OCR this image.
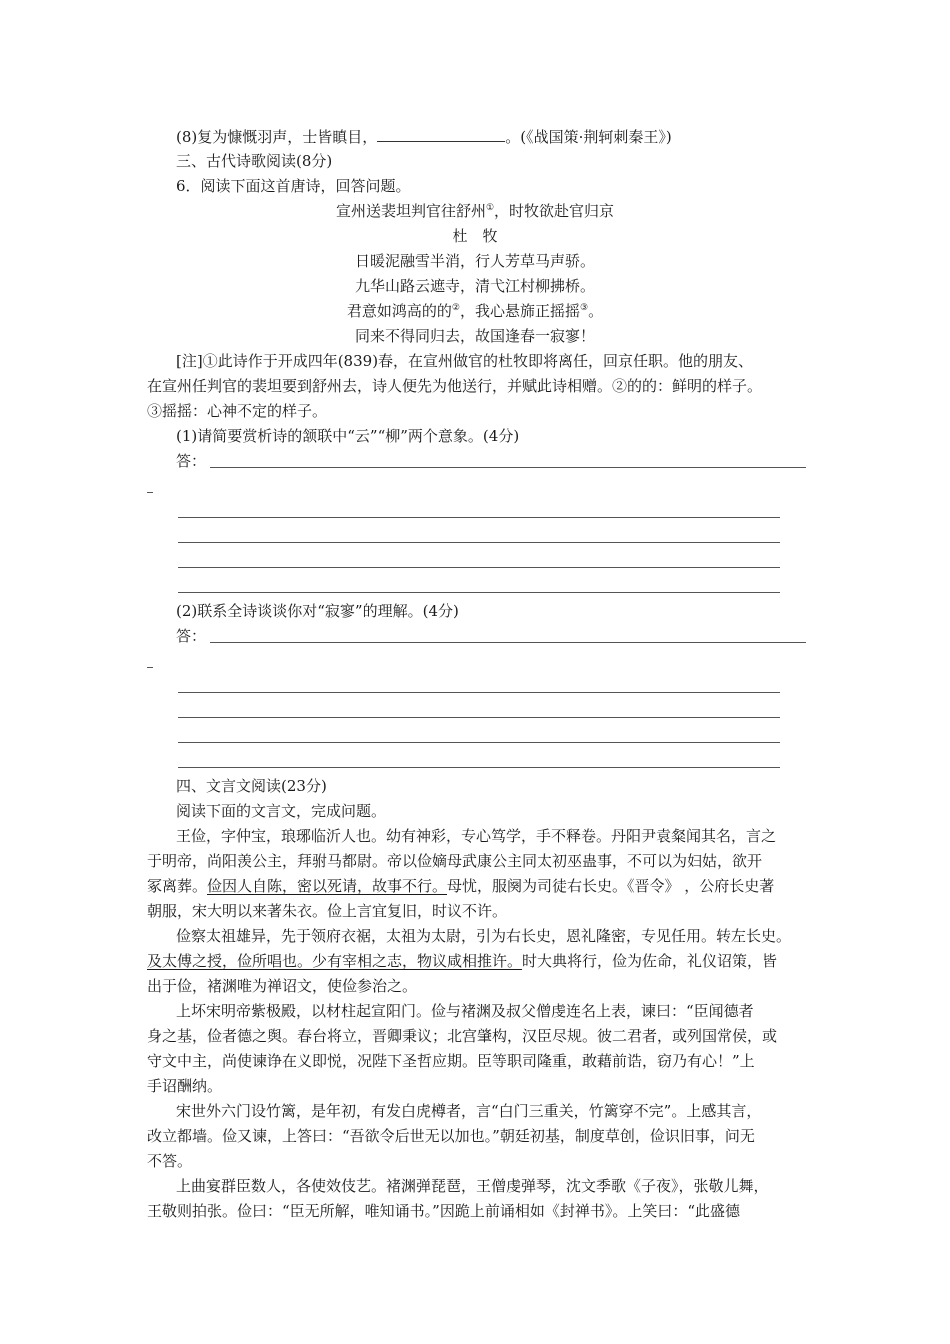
(8)复为慷慨羽声，士皆瞋目，	。(《战国策·荆轲刺秦王》)
三、古代诗歌阅读(8分)
6．阅读下面这首唐诗，回答问题。
宣州送裴坦判官往舒州①，时牧欲赴官归京
杜　牧
日暖泥融雪半消，行人芳草马声骄。
九华山路云遮寺，清弋江村柳拂桥。
君意如鸿高的的②，我心悬旆正摇摇③。
同来不得同归去，故国逢春一寂寥！
[注]①此诗作于开成四年(839)春，在宣州做官的杜牧即将离任，回京任职。他的朋友、
在宣州任判官的裴坦要到舒州去，诗人便先为他送行，并赋此诗相赠。②的的：鲜明的样子。
③摇摇：心神不定的样子。
(1)请简要赏析诗的颔联中“云”“柳”两个意象。(4分)
答：
(2)联系全诗谈谈你对“寂寥”的理解。(4分)
答：
四、文言文阅读(23分)
阅读下面的文言文，完成问题。
王俭，字仲宝，琅琊临沂人也。幼有神彩，专心笃学，手不释卷。丹阳尹袁粲闻其名，言之
于明帝，尚阳羡公主，拜驸马都尉。帝以俭嫡母武康公主同太初巫蛊事，不可以为妇姑，欲开
冢离葬。俭因人自陈，密以死请，故事不行。母忧，服阕为司徒右长史。《晋令》 ，公府长史著
朝服，宋大明以来著朱衣。俭上言宜复旧，时议不许。
俭察太祖雄异，先于领府衣裾，太祖为太尉，引为右长史，恩礼隆密，专见任用。转左长史。
及太傅之授，俭所唱也。少有宰相之志，物议咸相推许。时大典将行，俭为佐命，礼仪诏策，皆
出于俭，褚渊唯为禅诏文，使俭参治之。
上坏宋明帝紫极殿，以材柱起宣阳门。俭与褚渊及叔父僧虔连名上表，谏曰：“臣闻德者
身之基，俭者德之舆。春台将立，晋卿秉议；北宫肇构，汉臣尽规。彼二君者，或列国常侯，或
守文中主，尚使谏诤在义即悦，况陛下圣哲应期。臣等职司隆重，敢藉前诰，窃乃有心！”上
手诏酬纳。
宋世外六门设竹篱，是年初，有发白虎樽者，言“白门三重关，竹篱穿不完”。上感其言，
改立都墙。俭又谏，上答曰：“吾欲令后世无以加也。”朝廷初基，制度草创，俭识旧事，问无
不答。
上曲宴群臣数人，各使效伎艺。褚渊弹琵琶，王僧虔弹琴，沈文季歌《子夜》，张敬儿舞，
王敬则拍张。俭曰：“臣无所解，唯知诵书。”因跪上前诵相如《封禅书》。上笑曰：“此盛德
